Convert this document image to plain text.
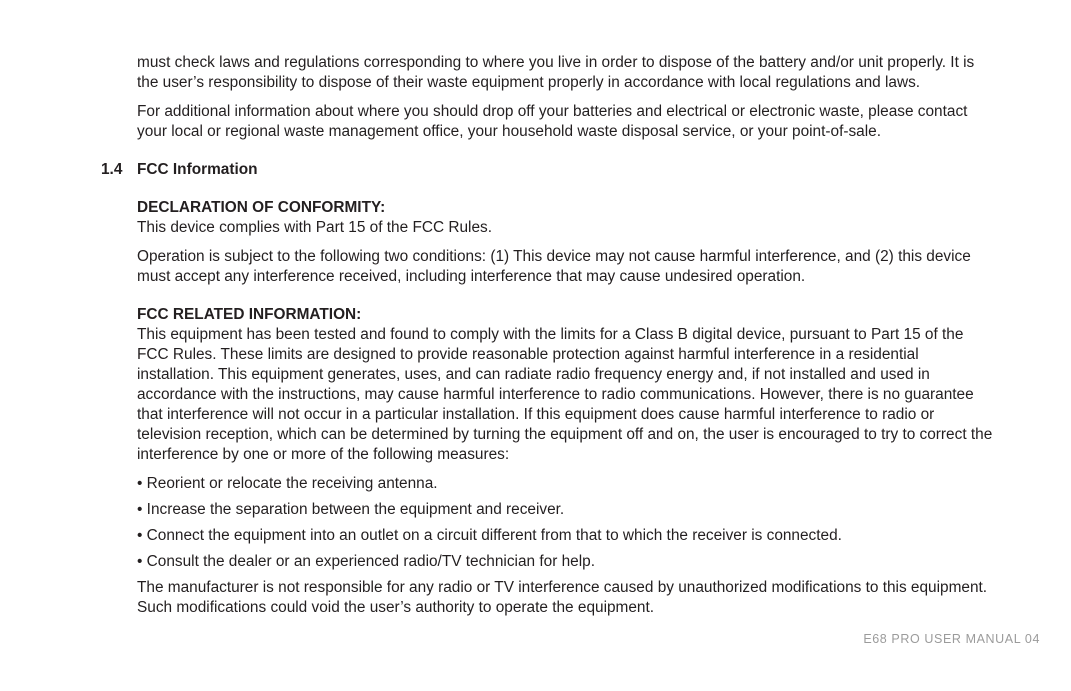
must check laws and regulations corresponding to where you live in order to dispose of the battery and/or unit properly. It is the user’s responsibility to dispose of their waste equipment properly in accordance with local regulations and laws.

For additional information about where you should drop off your batteries and electrical or electronic waste, please contact your local or regional waste management office, your household waste disposal service, or your point-of-sale.

1.4 FCC Information
DECLARATION OF CONFORMITY:
This device complies with Part 15 of the FCC Rules.

Operation is subject to the following two conditions: (1) This device may not cause harmful interference, and (2) this device must accept any interference received, including interference that may cause undesired operation.

FCC RELATED INFORMATION:
This equipment has been tested and found to comply with the limits for a Class B digital device, pursuant to Part 15 of the FCC Rules. These limits are designed to provide reasonable protection against harmful interference in a residential installation. This equipment generates, uses, and can radiate radio frequency energy and, if not installed and used in accordance with the instructions, may cause harmful interference to radio communications. However, there is no guarantee that interference will not occur in a particular installation. If this equipment does cause harmful interference to radio or television reception, which can be determined by turning the equipment off and on, the user is encouraged to try to correct the interference by one or more of the following measures:
• Reorient or relocate the receiving antenna.
• Increase the separation between the equipment and receiver.
• Connect the equipment into an outlet on a circuit different from that to which the receiver is connected.
• Consult the dealer or an experienced radio/TV technician for help.

The manufacturer is not responsible for any radio or TV interference caused by unauthorized modifications to this equipment. Such modifications could void the user’s authority to operate the equipment.

E68 PRO USER MANUAL 04
